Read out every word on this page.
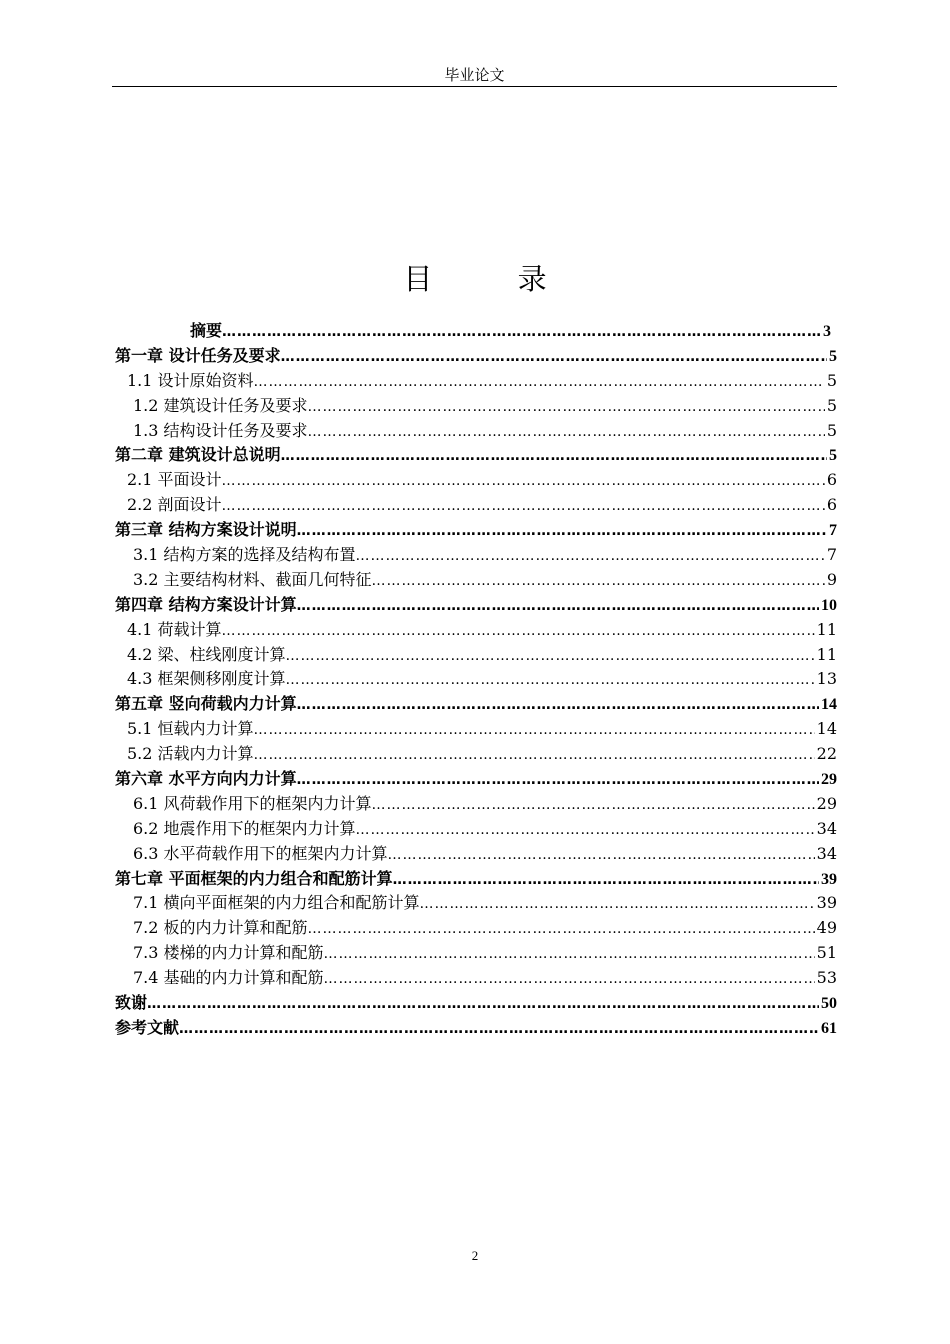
毕业论文
目 录
摘要 ……………………………………………………………………………………………………………………………………………………………	3
第一章 设计任务及要求 ……………………………………………………………………………………………………………………………………………………………	5
1.1 设计原始资料 ……………………………………………………………………………………………………………………………………………………………	5
1.2 建筑设计任务及要求 ……………………………………………………………………………………………………………………………………………………………	5
1.3 结构设计任务及要求 ……………………………………………………………………………………………………………………………………………………………	5
第二章 建筑设计总说明 ……………………………………………………………………………………………………………………………………………………………	5
2.1 平面设计 ……………………………………………………………………………………………………………………………………………………………	6
2.2 剖面设计 ……………………………………………………………………………………………………………………………………………………………	6
第三章 结构方案设计说明 ……………………………………………………………………………………………………………………………………………………………	7
3.1 结构方案的选择及结构布置 ……………………………………………………………………………………………………………………………………………………………	7
3.2 主要结构材料、截面几何特征 ……………………………………………………………………………………………………………………………………………………………	9
第四章 结构方案设计计算 ……………………………………………………………………………………………………………………………………………………………	10
4.1 荷载计算 ……………………………………………………………………………………………………………………………………………………………	11
4.2 梁、柱线刚度计算 ……………………………………………………………………………………………………………………………………………………………	11
4.3 框架侧移刚度计算 ……………………………………………………………………………………………………………………………………………………………	13
第五章 竖向荷载内力计算 ……………………………………………………………………………………………………………………………………………………………	14
5.1 恒载内力计算 ……………………………………………………………………………………………………………………………………………………………	14
5.2 活载内力计算 ……………………………………………………………………………………………………………………………………………………………	22
第六章 水平方向内力计算 ……………………………………………………………………………………………………………………………………………………………	29
6.1 风荷载作用下的框架内力计算 ……………………………………………………………………………………………………………………………………………………………	29
6.2 地震作用下的框架内力计算 ……………………………………………………………………………………………………………………………………………………………	34
6.3 水平荷载作用下的框架内力计算 ……………………………………………………………………………………………………………………………………………………………	34
第七章 平面框架的内力组合和配筋计算 ……………………………………………………………………………………………………………………………………………………………	39
7.1 横向平面框架的内力组合和配筋计算 ……………………………………………………………………………………………………………………………………………………………	39
7.2 板的内力计算和配筋 ……………………………………………………………………………………………………………………………………………………………	49
7.3 楼梯的内力计算和配筋 ……………………………………………………………………………………………………………………………………………………………	51
7.4 基础的内力计算和配筋 ……………………………………………………………………………………………………………………………………………………………	53
致谢 ……………………………………………………………………………………………………………………………………………………………	50
参考文献 ……………………………………………………………………………………………………………………………………………………………	61
2
